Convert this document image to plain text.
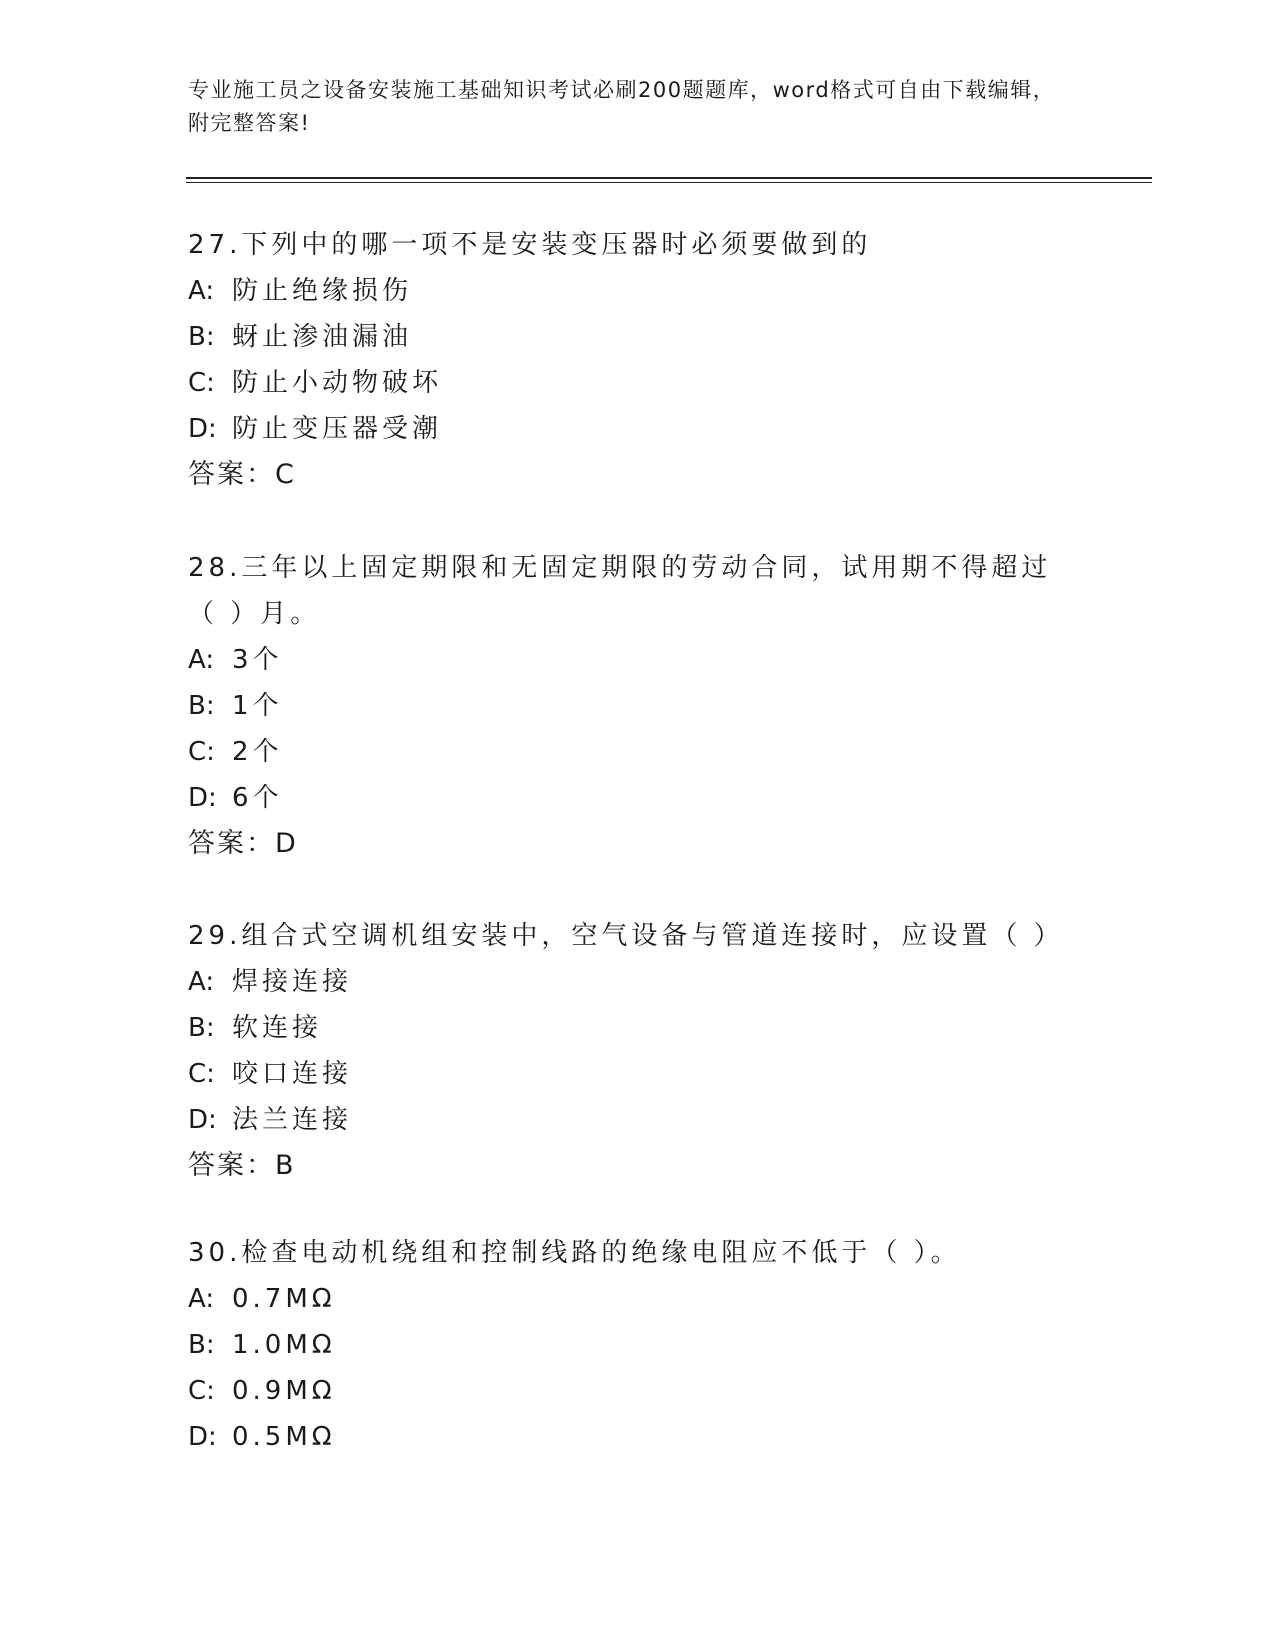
专业施工员之设备安装施工基础知识考试必刷200题题库，word格式可自由下载编辑，附完整答案!

27.下列中的哪一项不是安装变压器时必须要做到的

A: 防止绝缘损伤

B: 蚜止渗油漏油

C: 防止小动物破坏

D: 防止变压器受潮

答案：C

28.三年以上固定期限和无固定期限的劳动合同，试用期不得超过（ ）月。

A: 3个

B: 1个

C: 2个

D: 6个

答案：D

29.组合式空调机组安装中，空气设备与管道连接时，应设置（ ）

A: 焊接连接

B: 软连接

C: 咬口连接

D: 法兰连接

答案：B

30.检查电动机绕组和控制线路的绝缘电阻应不低于（ ）。

A: 0.7MΩ

B: 1.0MΩ

C: 0.9MΩ

D: 0.5MΩ
